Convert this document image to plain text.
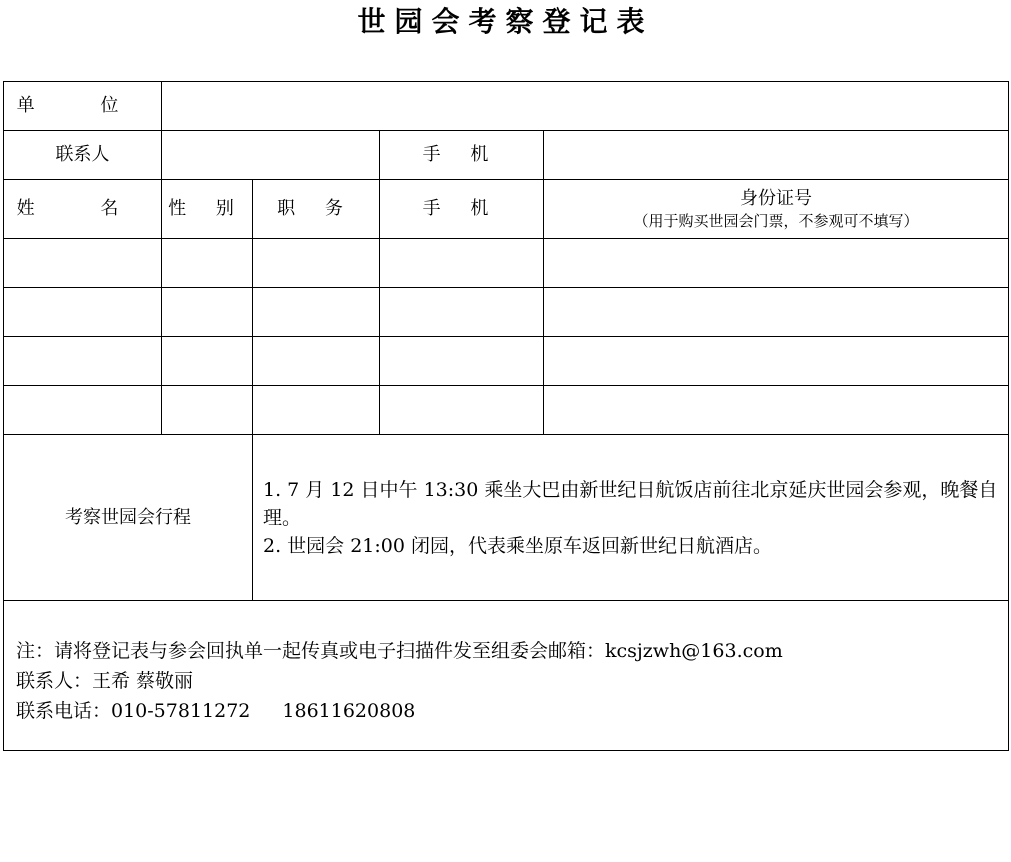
世园会考察登记表
单 位				
联系人			手 机	
姓 名	性 别	职 务	手 机	身份证号
（用于购买世园会门票，不参观可不填写）

考察世园会行程		1. 7 月 12 日中午 13:30 乘坐大巴由新世纪日航饭店前往北京延庆世园会参观，晚餐自理。
2. 世园会 21:00 闭园，代表乘坐原车返回新世纪日航酒店。		

注：请将登记表与参会回执单一起传真或电子扫描件发至组委会邮箱：kcsjzwh@163.com
联系人：王希 蔡敬丽
联系电话：010-57811272 18611620808				
